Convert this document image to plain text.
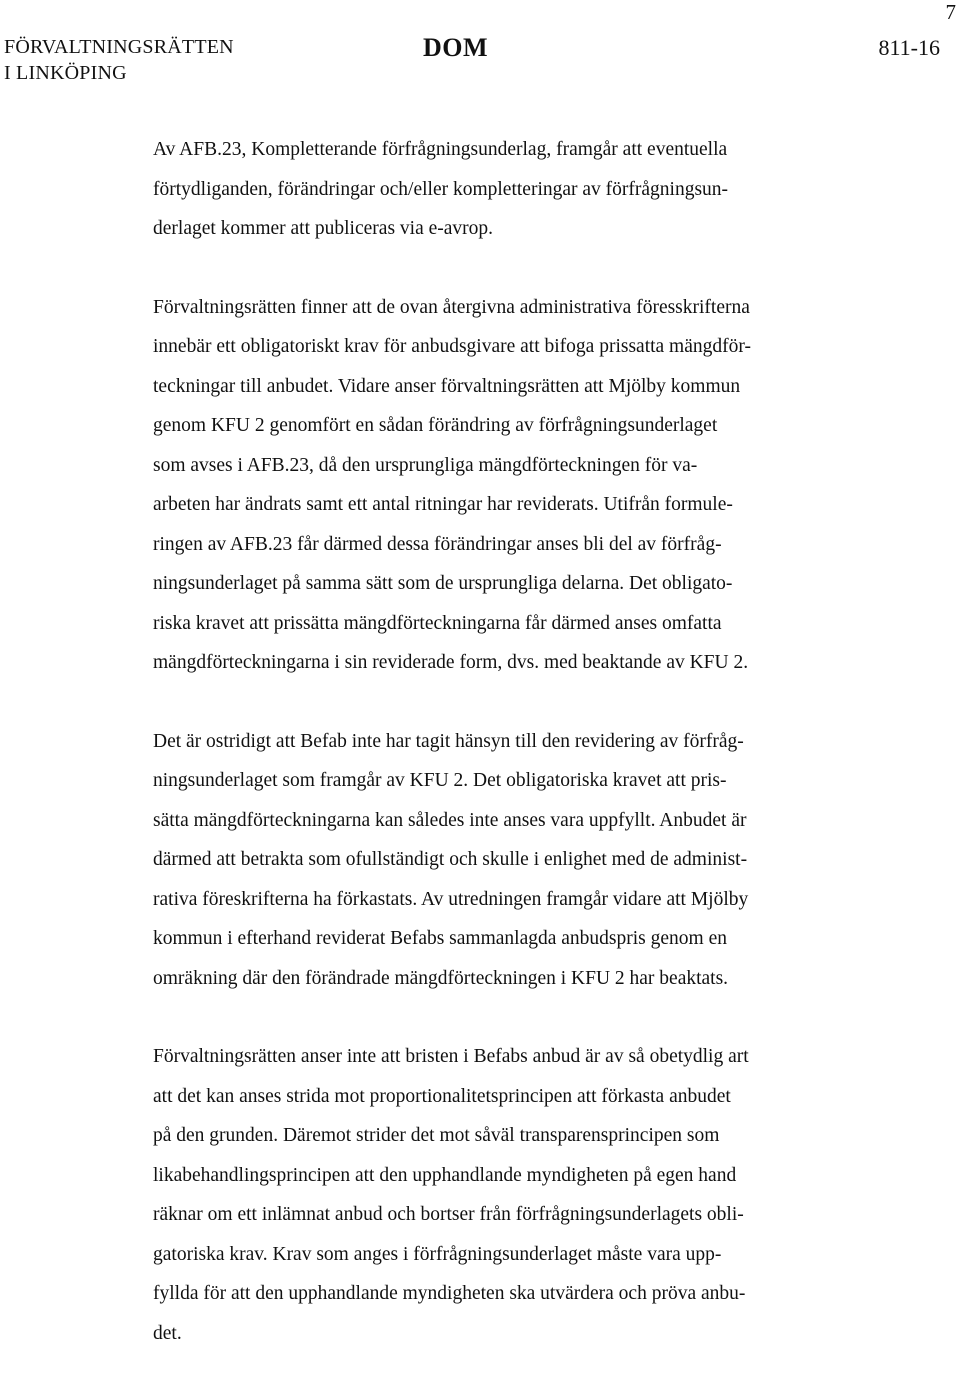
7
FÖRVALTNINGSRÄTTEN
I LINKÖPING
DOM	811-16

Av AFB.23, Kompletterande förfrågningsunderlag, framgår att eventuella
förtydliganden, förändringar och/eller kompletteringar av förfrågningsun-
derlaget kommer att publiceras via e-avrop.

Förvaltningsrätten finner att de ovan återgivna administrativa föresskrifterna
innebär ett obligatoriskt krav för anbudsgivare att bifoga prissatta mängdför-
teckningar till anbudet. Vidare anser förvaltningsrätten att Mjölby kommun
genom KFU 2 genomfört en sådan förändring av förfrågningsunderlaget
som avses i AFB.23, då den ursprungliga mängdförteckningen för va-
arbeten har ändrats samt ett antal ritningar har reviderats. Utifrån formule-
ringen av AFB.23 får därmed dessa förändringar anses bli del av förfråg-
ningsunderlaget på samma sätt som de ursprungliga delarna. Det obligato-
riska kravet att prissätta mängdförteckningarna får därmed anses omfatta
mängdförteckningarna i sin reviderade form, dvs. med beaktande av KFU 2.

Det är ostridigt att Befab inte har tagit hänsyn till den revidering av förfråg-
ningsunderlaget som framgår av KFU 2. Det obligatoriska kravet att pris-
sätta mängdförteckningarna kan således inte anses vara uppfyllt. Anbudet är
därmed att betrakta som ofullständigt och skulle i enlighet med de administ-
rativa föreskrifterna ha förkastats. Av utredningen framgår vidare att Mjölby
kommun i efterhand reviderat Befabs sammanlagda anbudspris genom en
omräkning där den förändrade mängdförteckningen i KFU 2 har beaktats.

Förvaltningsrätten anser inte att bristen i Befabs anbud är av så obetydlig art
att det kan anses strida mot proportionalitetsprincipen att förkasta anbudet
på den grunden. Däremot strider det mot såväl transparensprincipen som
likabehandlingsprincipen att den upphandlande myndigheten på egen hand
räknar om ett inlämnat anbud och bortser från förfrågningsunderlagets obli-
gatoriska krav. Krav som anges i förfrågningsunderlaget måste vara upp-
fyllda för att den upphandlande myndigheten ska utvärdera och pröva anbu-
det.
